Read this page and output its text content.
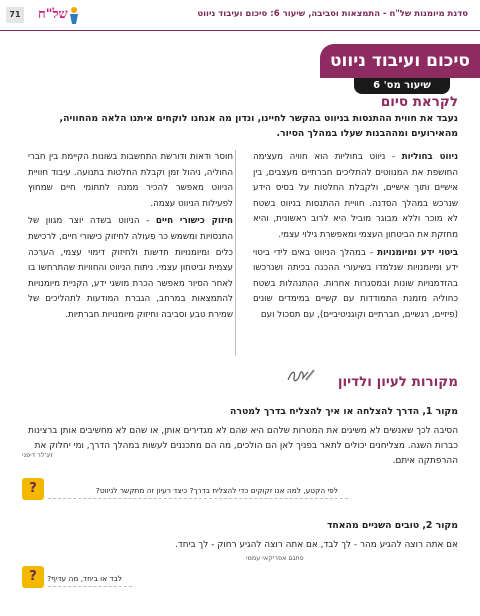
71 של"ח	סדנת מיומנות של"ח - התמצאות וסביבה, שיעור 6: סיכום ועיבוד ניווט
סיכום ועיבוד ניווט
שיעור מס' 6
לקראת סיום
נעבד את חווית ההתנסות בניווט בהקשר לחיינו, ונדון מה אנחנו לוקחים איתנו הלאה מהחוויה, מהאירועים ומההבנות שעלו במהלך הסיור.

ניווט בחוליות - ניווט בחוליות הוא חוויה מעצימה החושפת את המנווטים להתליכים חברתיים מעצבים, בין אישיים ותוך אישיים, ולקבלת החלטות על בסיס הידע שנרכש במהלך הסדנה. חוויית ההתנסות בניווט בשטח לא מוכר וללא מבוגר מוביל היא לרוב ראשונית, והיא מחזקת את הביטחון העצמי ומאפשרת גילוי עצמי.

ביטוי ידע ומיומנויות - במהלך הניווט באים לידי ביטוי ידע ומיומנויות שנלמדו בשיעורי ההכנה בכיתה ושנרכשו בהזדמנויות שונות ובמסגרות אחרות. ההתנהלות בשטח כחוליה מזמנת התמודדות עם קשיים במימדים שונים (פיזיים, רגשיים, חברתיים וקוגניטיביים), עם תסכול ועם

חוסר ודאות ודורשת התחשבות בשונות הקיימת בין חברי החוליה, ניהול זמן וקבלת החלטות בתנועה. עיבוד חוויית הניווט מאפשר להכיר ממנה לתחומי חיים שמחוץ לפעילות הניווט עצמה.

חיזוק כישורי חיים - הניווט בשדה יוצר מגוון של התנסויות ומשמש כר פעולה לחיזוק כישורי חיים, לרכישת כלים ומיומנויות חדשות ולחיזוק דימוי עצמי, הערכה עצמית וביטחון עצמי. ניתוח הניווט והחוויות שהתרחשו בו לאחר הסיור מאפשר הכרת מושגי ידע, הקניית מיומנויות להתמצאות במרחב, הגברת המודעות לתהליכים של שמירת טבע וסביבה וחיזוק מיומנויות חברתיות.

מקורות לעיון ולדיון
מקור 1, הדרך להצלחה או איך להצליח בדרך למטרה
הסיבה לכך שאנשים לא משיגים את המטרות שלהם היא שהם לא מגדירים אותן, או שהם לא מחשיבים אותן ברצינות כברות השגה. מצליחנים יכולים לתאר בפניך לאן הם הולכים, מה הם מתכננים לעשות במהלך הדרך, ומי יחלוק את ההרפתקה איתם.
זיג'לר דיפני
?	לפי הקטע, למה אנו זקוקים כדי להצליח בדרך? כיצד רעיון זה מתקשר לניווט?
מקור 2, טובים השניים מהאחד
אם אתה רוצה להגיע מהר - לך לבד, אם אתה רוצה להגיע רחוק - לך ביחד.
פתגם אפריקאי עממי
?	לבד או ביחד, מה עדיף?
